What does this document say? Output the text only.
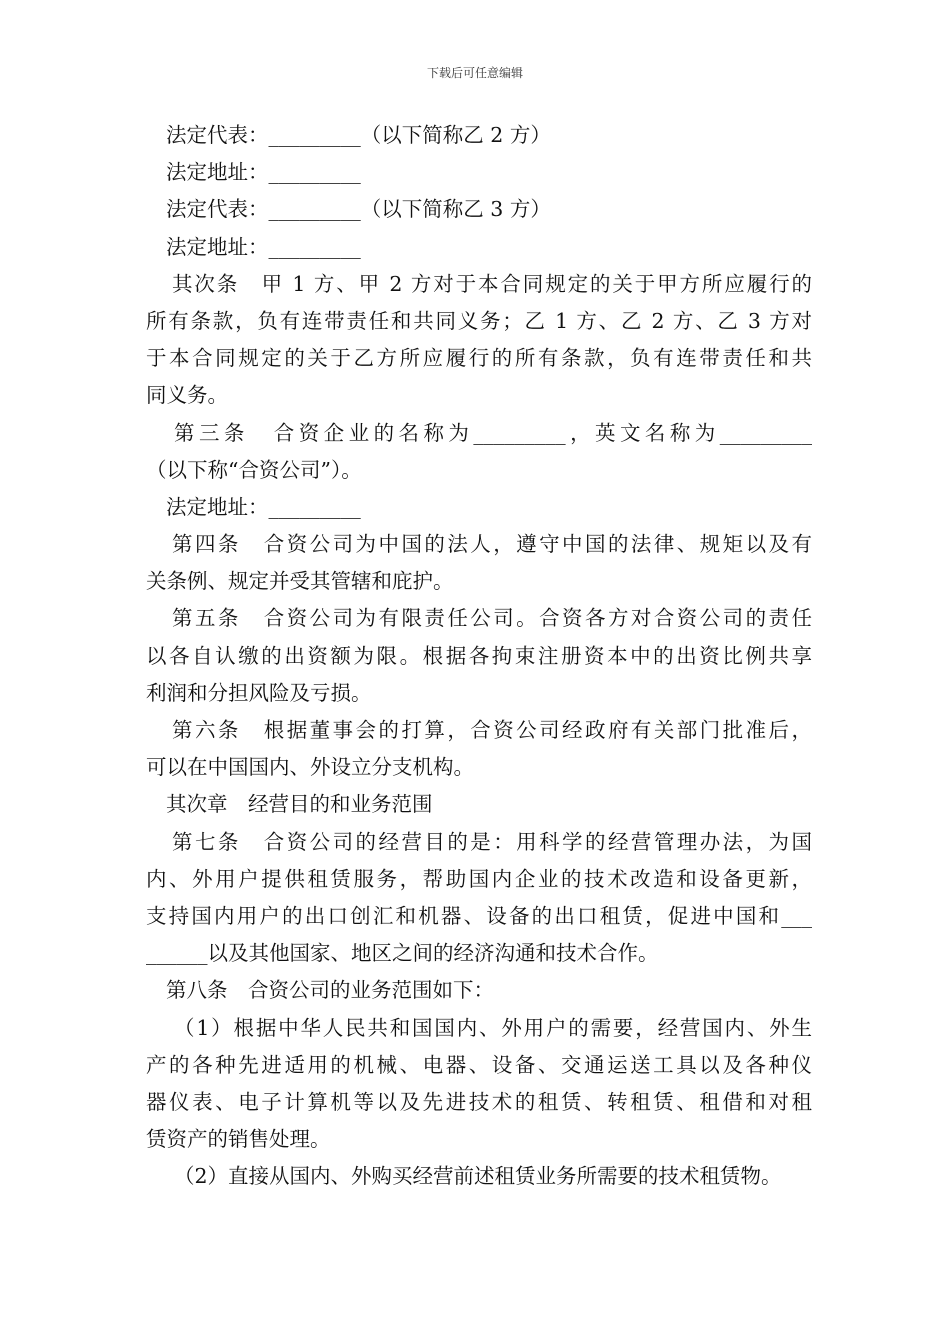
下载后可任意编辑
法定代表：_________（以下简称乙 2 方）
法定地址：_________
法定代表：_________（以下简称乙 3 方）
法定地址：_________
其次条　甲 1 方、甲 2 方对于本合同规定的关于甲方所应履行的
所有条款，负有连带责任和共同义务；乙 1 方、乙 2 方、乙 3 方对
于本合同规定的关于乙方所应履行的所有条款，负有连带责任和共
同义务。
第三条　合资企业的名称为_________，英文名称为_________
（以下称“合资公司”）。
法定地址：_________
第四条　合资公司为中国的法人，遵守中国的法律、规矩以及有
关条例、规定并受其管辖和庇护。
第五条　合资公司为有限责任公司。合资各方对合资公司的责任
以各自认缴的出资额为限。根据各拘束注册资本中的出资比例共享
利润和分担风险及亏损。
第六条　根据董事会的打算，合资公司经政府有关部门批准后，
可以在中国国内、外设立分支机构。
其次章　经营目的和业务范围
第七条　合资公司的经营目的是：用科学的经营管理办法，为国
内、外用户提供租赁服务，帮助国内企业的技术改造和设备更新，
支持国内用户的出口创汇和机器、设备的出口租赁，促进中国和___
______以及其他国家、地区之间的经济沟通和技术合作。
第八条　合资公司的业务范围如下：
（1）根据中华人民共和国国内、外用户的需要，经营国内、外生
产的各种先进适用的机械、电器、设备、交通运送工具以及各种仪
器仪表、电子计算机等以及先进技术的租赁、转租赁、租借和对租
赁资产的销售处理。
（2）直接从国内、外购买经营前述租赁业务所需要的技术租赁物。
